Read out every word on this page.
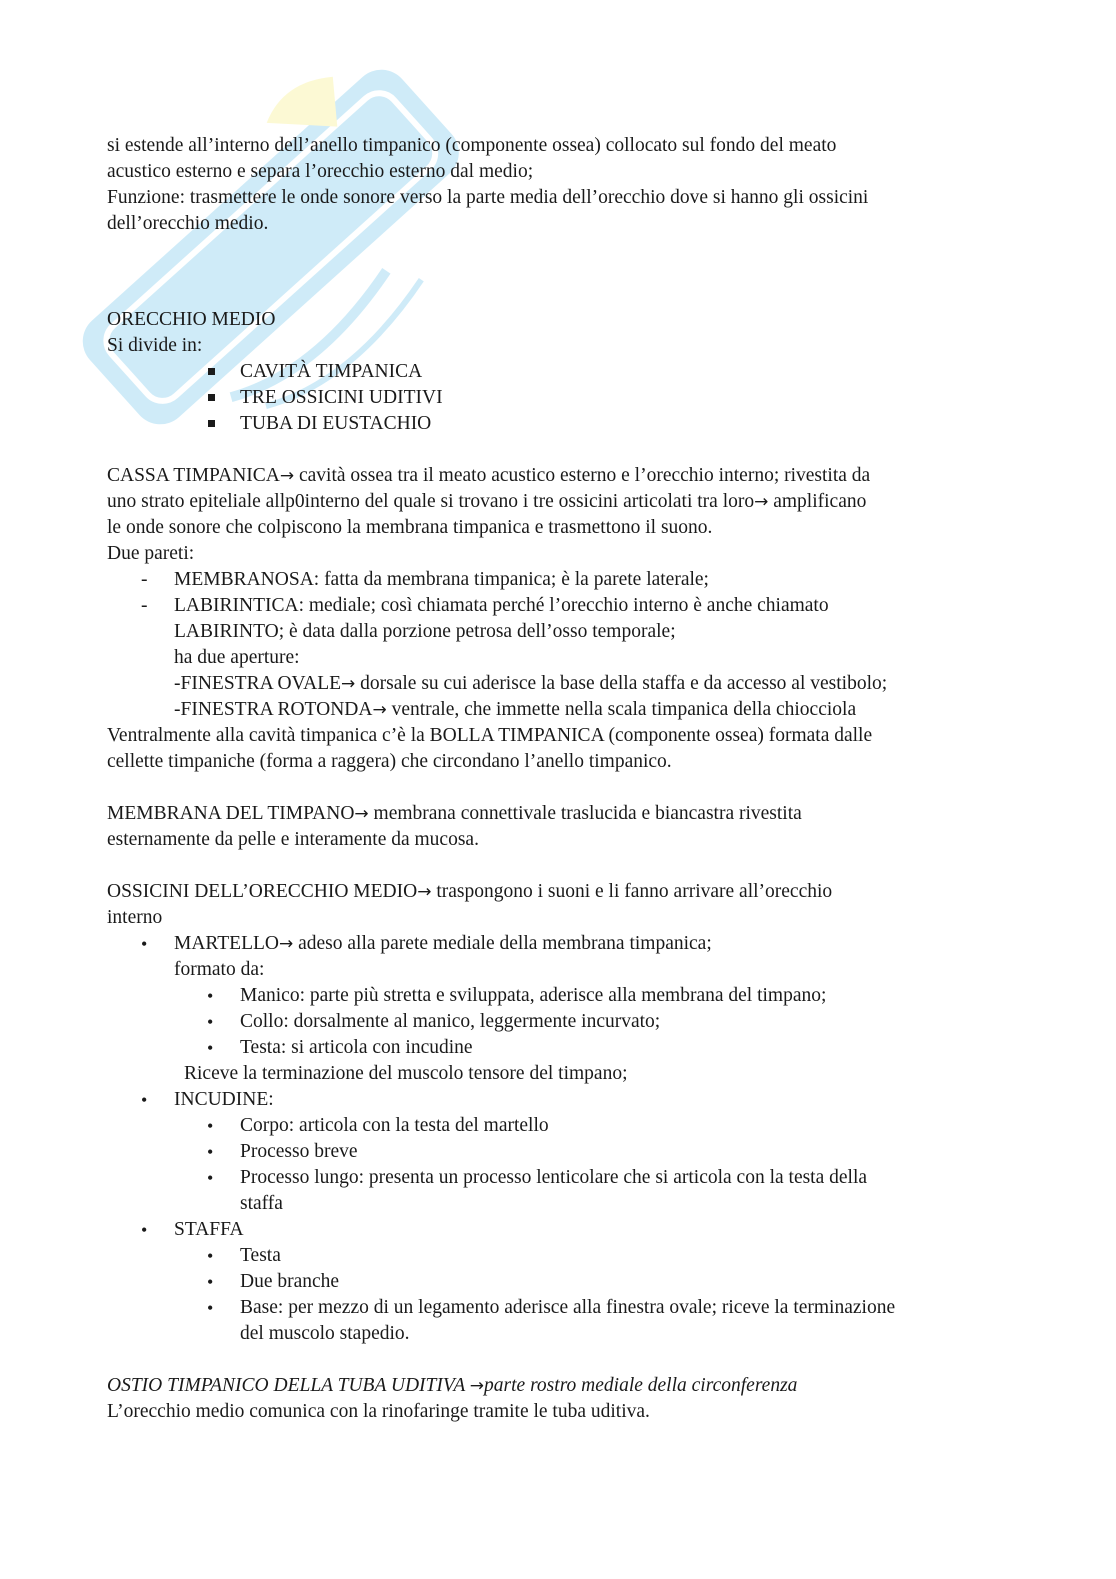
si estende all’interno dell’anello timpanico (componente ossea) collocato sul fondo del meato
acustico esterno e separa l’orecchio esterno dal medio;
Funzione: trasmettere le onde sonore verso la parte media dell’orecchio dove si hanno gli ossicini
dell’orecchio medio.
ORECCHIO MEDIO
Si divide in:
CAVITÀ TIMPANICA
TRE OSSICINI UDITIVI
TUBA DI EUSTACHIO
CASSA TIMPANICA→ cavità ossea tra il meato acustico esterno e l’orecchio interno; rivestita da
uno strato epiteliale allp0interno del quale si trovano i tre ossicini articolati tra loro→ amplificano
le onde sonore che colpiscono la membrana timpanica e trasmettono il suono.
Due pareti:
- MEMBRANOSA: fatta da membrana timpanica; è la parete laterale;
- LABIRINTICA: mediale; così chiamata perché l’orecchio interno è anche chiamato
LABIRINTO; è data dalla porzione petrosa dell’osso temporale;
ha due aperture:
-FINESTRA OVALE→ dorsale su cui aderisce la base della staffa e da accesso al vestibolo;
-FINESTRA ROTONDA→ ventrale, che immette nella scala timpanica della chiocciola
Ventralmente alla cavità timpanica c’è la BOLLA TIMPANICA (componente ossea) formata dalle
cellette timpaniche (forma a raggera) che circondano l’anello timpanico.
MEMBRANA DEL TIMPANO→ membrana connettivale traslucida e biancastra rivestita
esternamente da pelle e interamente da mucosa.
OSSICINI DELL’ORECCHIO MEDIO→ traspongono i suoni e li fanno arrivare all’orecchio
interno
• MARTELLO→ adeso alla parete mediale della membrana timpanica;
formato da:
• Manico: parte più stretta e sviluppata, aderisce alla membrana del timpano;
• Collo: dorsalmente al manico, leggermente incurvato;
• Testa: si articola con incudine
Riceve la terminazione del muscolo tensore del timpano;
• INCUDINE:
• Corpo: articola con la testa del martello
• Processo breve
• Processo lungo: presenta un processo lenticolare che si articola con la testa della
staffa
• STAFFA
• Testa
• Due branche
• Base: per mezzo di un legamento aderisce alla finestra ovale; riceve la terminazione
del muscolo stapedio.
OSTIO TIMPANICO DELLA TUBA UDITIVA →parte rostro mediale della circonferenza
L’orecchio medio comunica con la rinofaringe tramite le tuba uditiva.
